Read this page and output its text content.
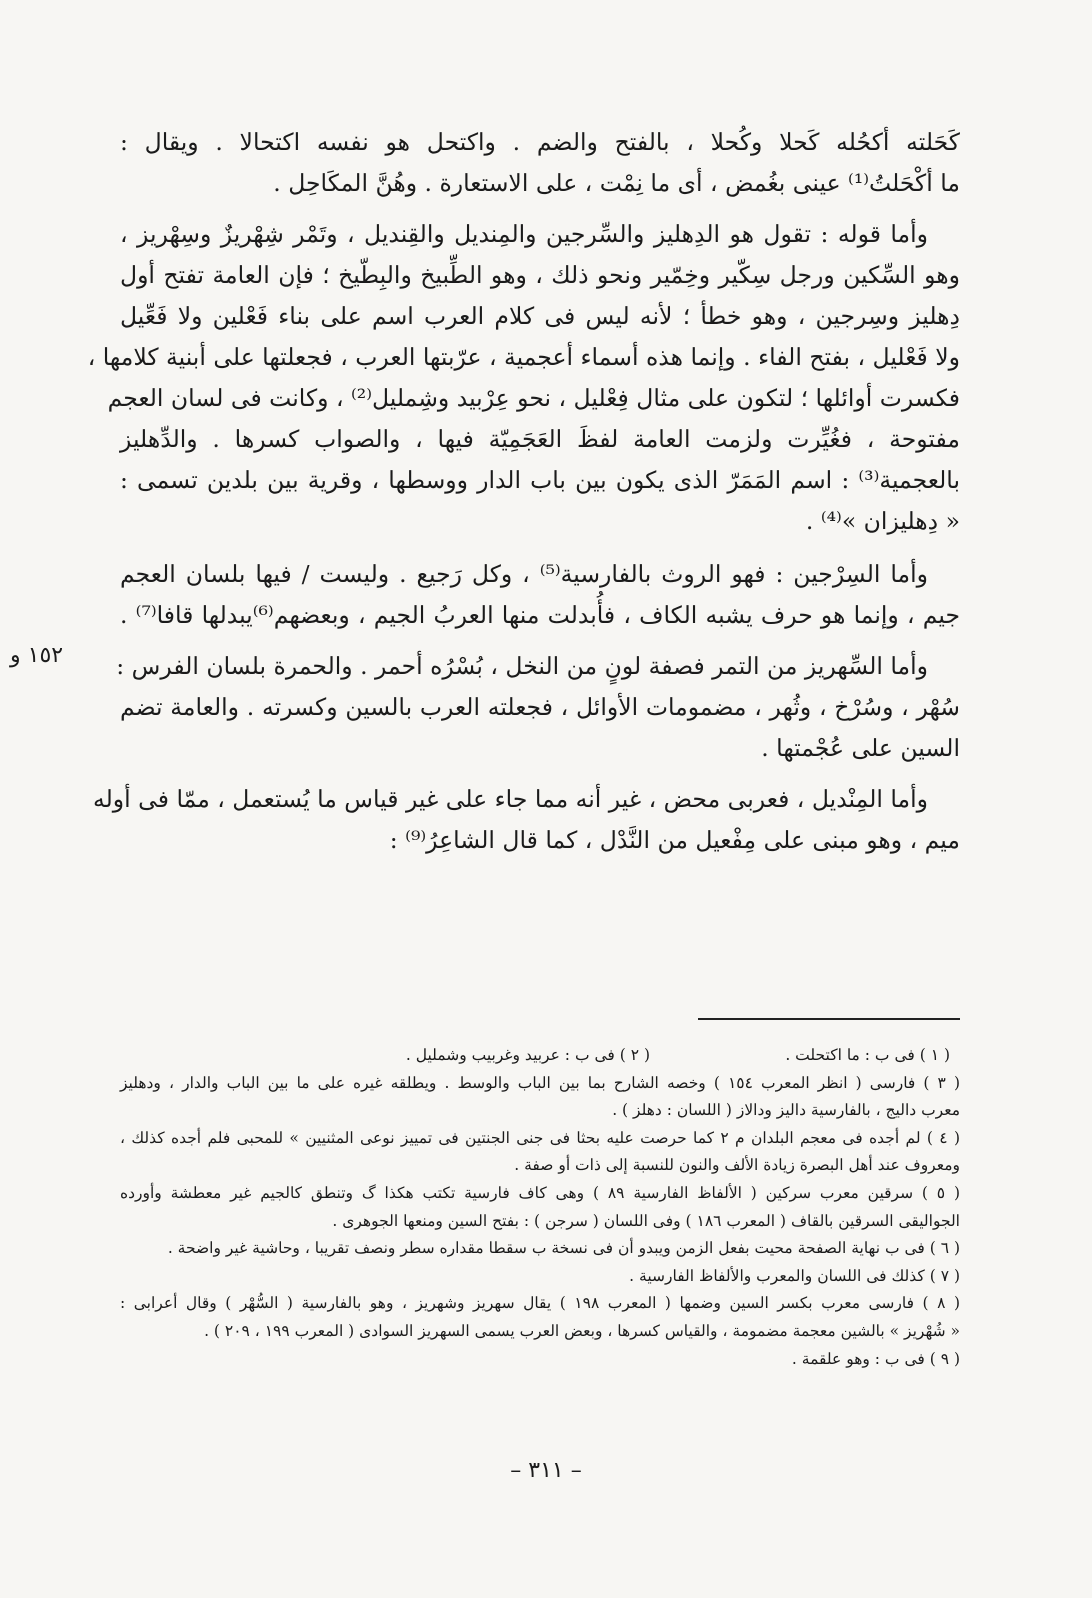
كَحَلته أكحُله كَحلا وكُحلا ، بالفتح والضم . واكتحل هو نفسه اكتحالا . ويقال :
ما أكْحَلتُ⁽¹⁾ عينى بغُمض ، أى ما نِمْت ، على الاستعارة . وهُنَّ المكَاحِل .

وأما قوله : تقول هو الدِهليز والسِّرجين والمِنديل والقِنديل ، وتَمْر شِهْريزٌ وسِهْريز ،
وهو السِّكين ورجل سِكّير وخِمّير ونحو ذلك ، وهو الطِّبيخ والبِطّيخ ؛ فإن العامة تفتح أول
دِهليز وسِرجين ، وهو خطأ ؛ لأنه ليس فى كلام العرب اسم على بناء فَعْلين ولا فَعِّيل
ولا فَعْليل ، بفتح الفاء . وإنما هذه أسماء أعجمية ، عرّبتها العرب ، فجعلتها على أبنية كلامها ،
فكسرت أوائلها ؛ لتكون على مثال فِعْليل ، نحو عِرْبيد وشِمليل⁽²⁾ ، وكانت فى لسان العجم
مفتوحة ، فغُيِّرت ولزمت العامة لفظَ العَجَمِيّة فيها ، والصواب كسرها . والدِّهليز
بالعجمية⁽³⁾ : اسم المَمَرّ الذى يكون بين باب الدار ووسطها ، وقرية بين بلدين تسمى :
« دِهليزان »⁽⁴⁾ .

وأما السِرْجين : فهو الروث بالفارسية⁽⁵⁾ ، وكل رَجيع . وليست / فيها بلسان العجم
جيم ، وإنما هو حرف يشبه الكاف ، فأُبدلت منها العربُ الجيم ، وبعضهم⁽⁶⁾يبدلها قافا⁽⁷⁾ .

وأما السِّهريز من التمر فصفة لونٍ من النخل ، بُسْرُه أحمر . والحمرة بلسان الفرس :
سُهْر ، وسُرْخ ، وثُهر ، مضمومات الأوائل ، فجعلته العرب بالسين وكسرته . والعامة تضم
السين على عُجْمتها .

وأما المِنْديل ، فعربى محض ، غير أنه مما جاء على غير قياس ما يُستعمل ، ممّا فى أوله
ميم ، وهو مبنى على مِفْعيل من النَّدْل ، كما قال الشاعِرُ⁽⁹⁾ :

١٥٢ و
( ١ ) فى ب : ما اكتحلت .
( ٢ ) فى ب : عربيد وغربيب وشمليل .
( ٣ ) فارسى ( انظر المعرب ١٥٤ ) وخصه الشارح بما بين الباب والوسط . ويطلقه غيره على ما بين الباب والدار ، ودهليز
معرب داليج ، بالفارسية داليز ودالاز ( اللسان : دهلز ) .
( ٤ ) لم أجده فى معجم البلدان م ٢ كما حرصت عليه بحثا فى جنى الجنتين فى تمييز نوعى المثنيين » للمحبى فلم أجده كذلك ،
ومعروف عند أهل البصرة زيادة الألف والنون للنسبة إلى ذات أو صفة .
( ٥ ) سرقين معرب سركين ( الألفاظ الفارسية ٨٩ ) وهى كاف فارسية تكتب هكذا گ وتنطق كالجيم غير معطشة وأورده
الجواليقى السرقين بالقاف ( المعرب ١٨٦ ) وفى اللسان ( سرجن ) : بفتح السين ومنعها الجوهرى .
( ٦ ) فى ب نهاية الصفحة محيت بفعل الزمن ويبدو أن فى نسخة ب سقطا مقداره سطر ونصف تقريبا ، وحاشية غير واضحة .
( ٧ ) كذلك فى اللسان والمعرب والألفاظ الفارسية .
( ٨ ) فارسى معرب بكسر السين وضمها ( المعرب ١٩٨ ) يقال سهريز وشهريز ، وهو بالفارسية ( السُّهْر ) وقال أعرابى :
« شُهْريز » بالشين معجمة مضمومة ، والقياس كسرها ، وبعض العرب يسمى السهريز السوادى ( المعرب ١٩٩ ، ٢٠٩ ) .
( ٩ ) فى ب : وهو علقمة .
– ٣١١ –
